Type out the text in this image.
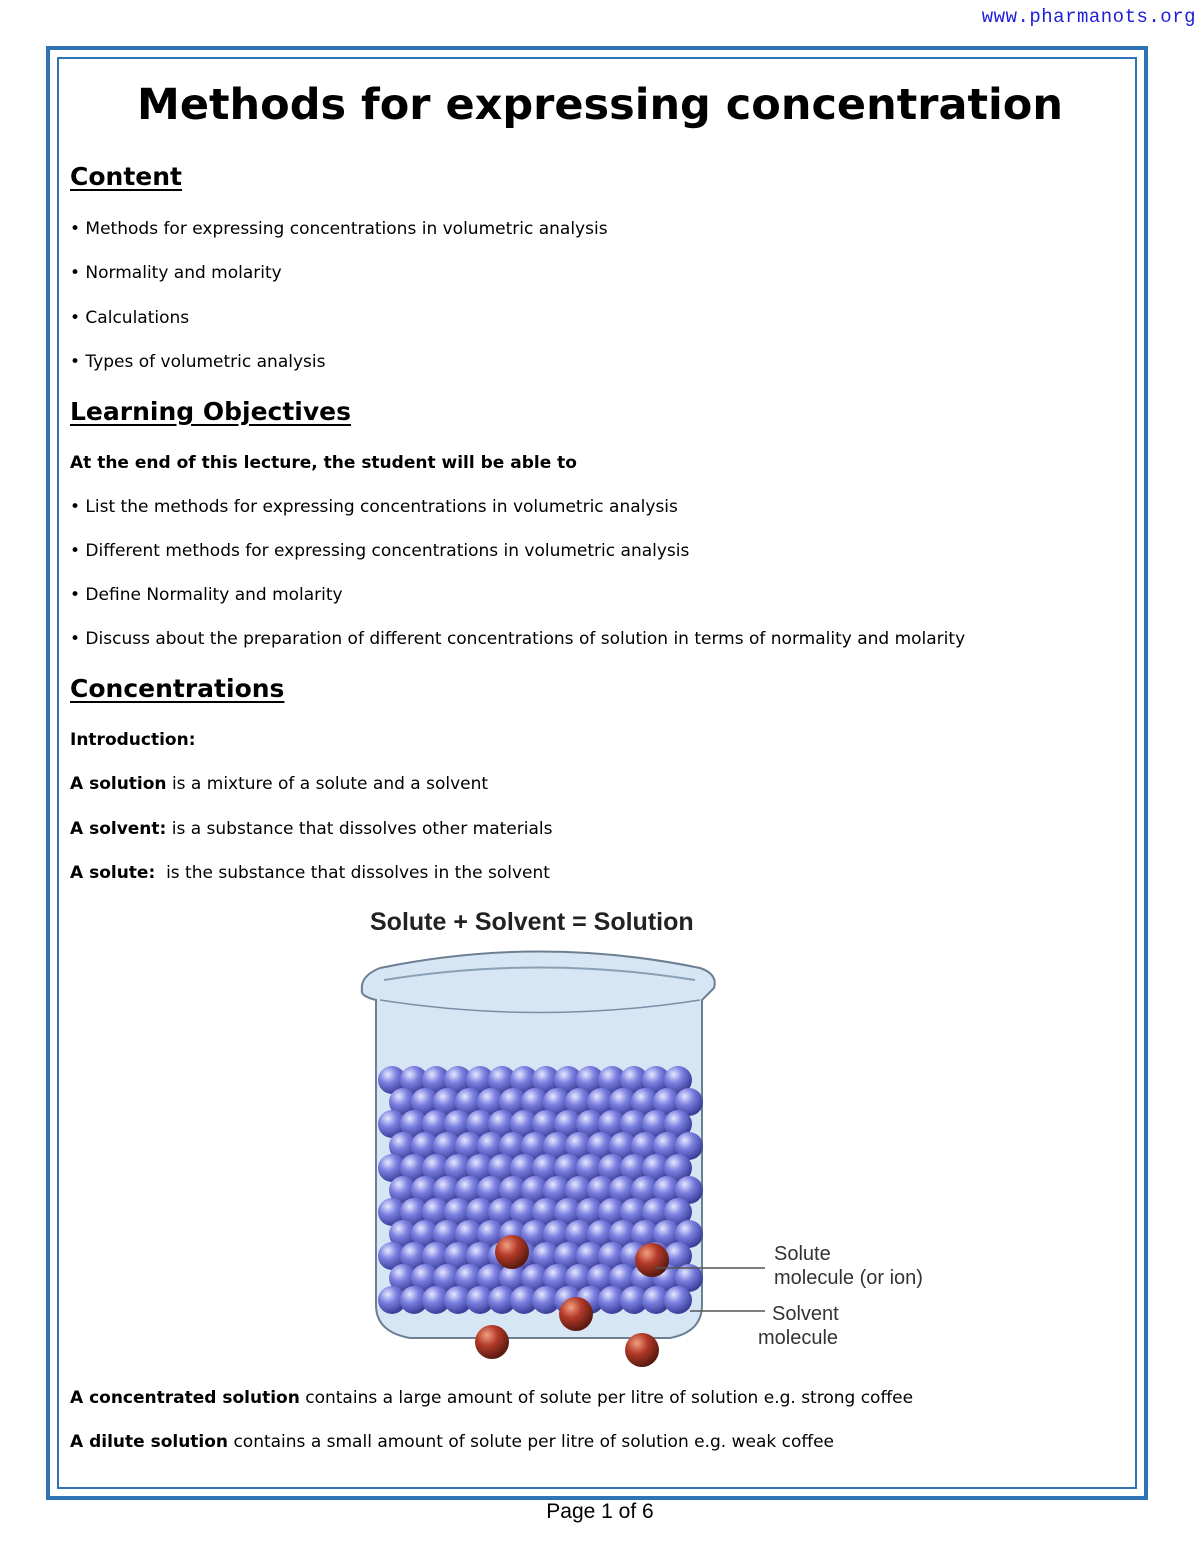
www.pharmanots.org
Methods for expressing concentration
Content
• Methods for expressing concentrations in volumetric analysis
• Normality and molarity
• Calculations
• Types of volumetric analysis
Learning Objectives
At the end of this lecture, the student will be able to
• List the methods for expressing concentrations in volumetric analysis
• Different methods for expressing concentrations in volumetric analysis
• Define Normality and molarity
• Discuss about the preparation of different concentrations of solution in terms of normality and molarity
Concentrations
Introduction:
A solution is a mixture of a solute and a solvent
A solvent: is a substance that dissolves other materials
A solute:  is the substance that dissolves in the solvent
Solute + Solvent = Solution
Solute
molecule (or ion)
Solvent
molecule
A concentrated solution contains a large amount of solute per litre of solution e.g. strong coffee
A dilute solution contains a small amount of solute per litre of solution e.g. weak coffee
Page 1 of 6
